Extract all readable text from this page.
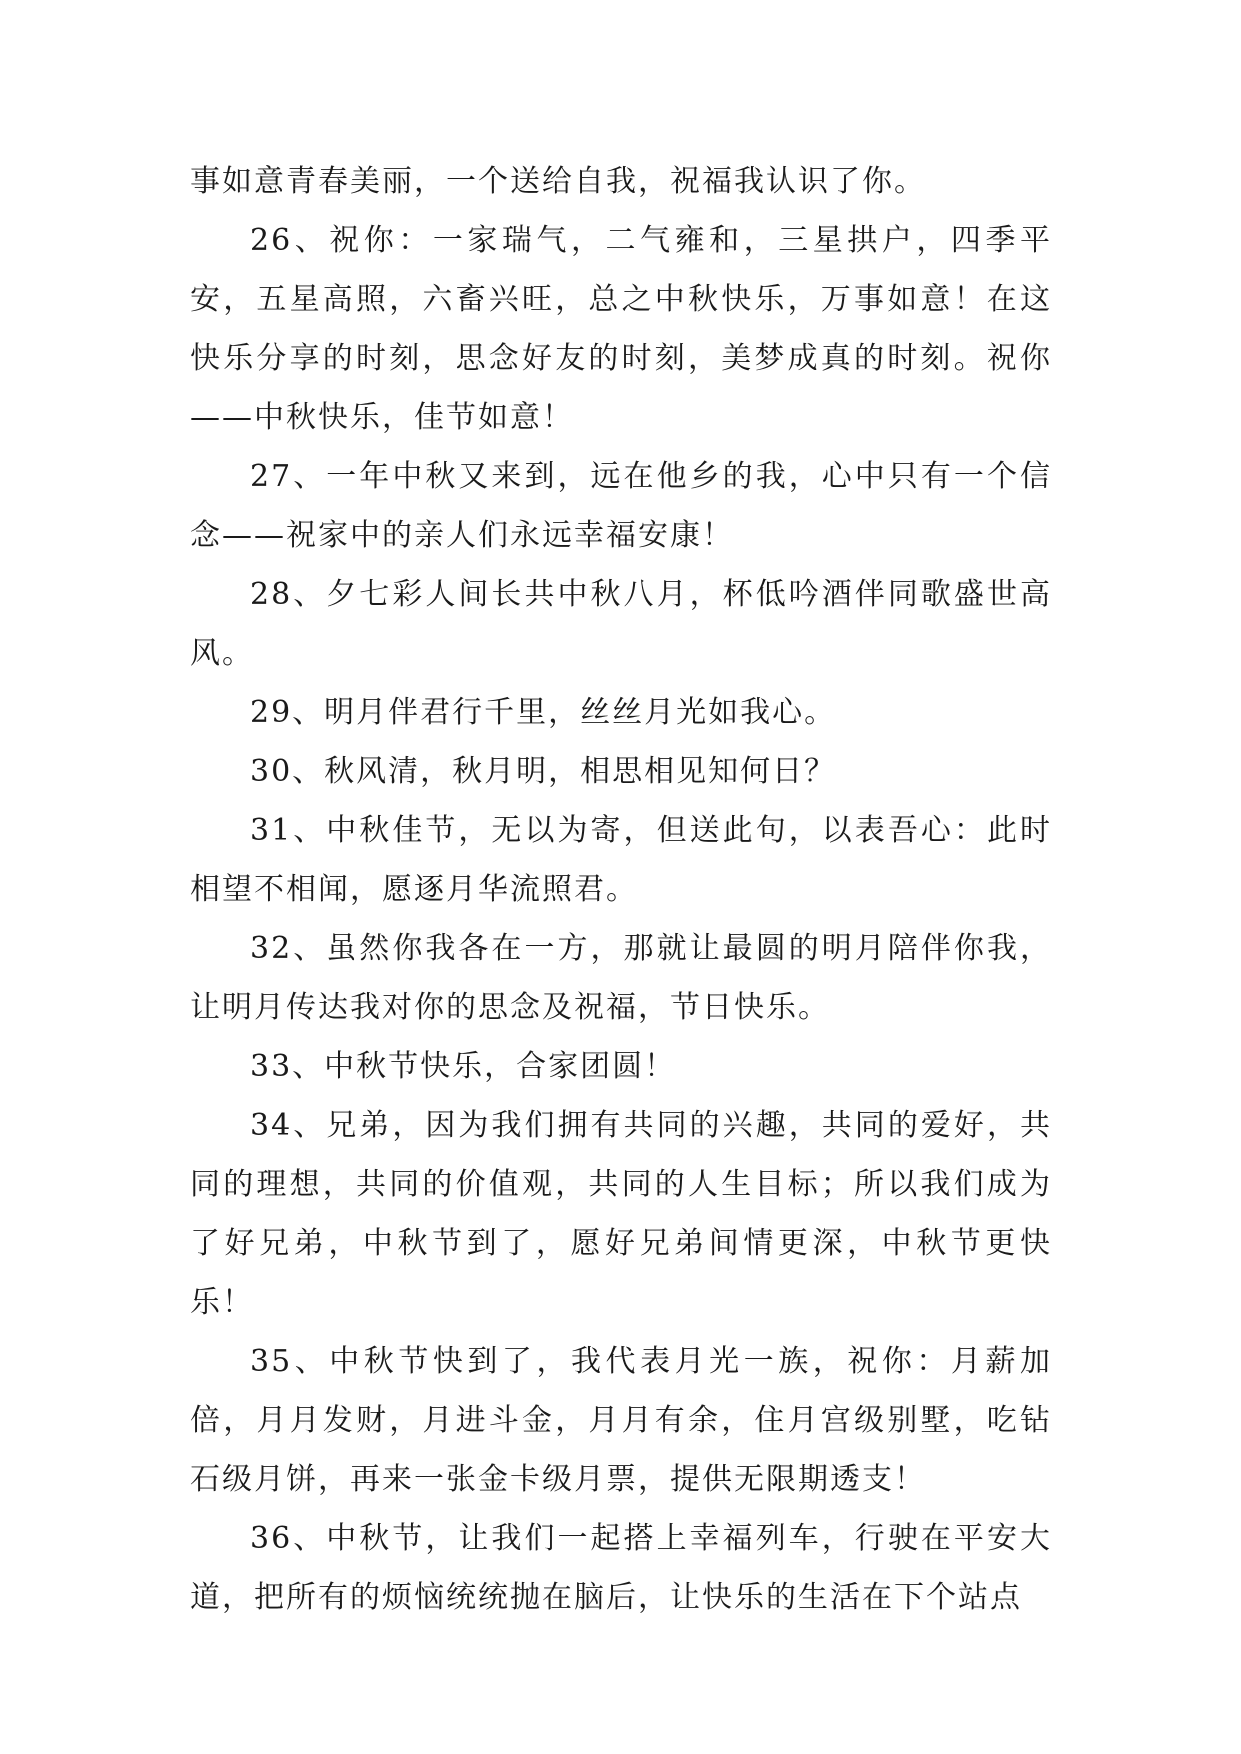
事如意青春美丽，一个送给自我，祝福我认识了你。

26、祝你：一家瑞气，二气雍和，三星拱户，四季平安，五星高照，六畜兴旺，总之中秋快乐，万事如意！在这快乐分享的时刻，思念好友的时刻，美梦成真的时刻。祝你——中秋快乐，佳节如意！

27、一年中秋又来到，远在他乡的我，心中只有一个信念——祝家中的亲人们永远幸福安康！

28、夕七彩人间长共中秋八月，杯低吟酒伴同歌盛世高风。

29、明月伴君行千里，丝丝月光如我心。

30、秋风清，秋月明，相思相见知何日？

31、中秋佳节，无以为寄，但送此句，以表吾心：此时相望不相闻，愿逐月华流照君。

32、虽然你我各在一方，那就让最圆的明月陪伴你我，让明月传达我对你的思念及祝福，节日快乐。

33、中秋节快乐，合家团圆！

34、兄弟，因为我们拥有共同的兴趣，共同的爱好，共同的理想，共同的价值观，共同的人生目标；所以我们成为了好兄弟，中秋节到了，愿好兄弟间情更深，中秋节更快乐！

35、中秋节快到了，我代表月光一族，祝你：月薪加倍，月月发财，月进斗金，月月有余，住月宫级别墅，吃钻石级月饼，再来一张金卡级月票，提供无限期透支！

36、中秋节，让我们一起搭上幸福列车，行驶在平安大道，把所有的烦恼统统抛在脑后，让快乐的生活在下个站点
